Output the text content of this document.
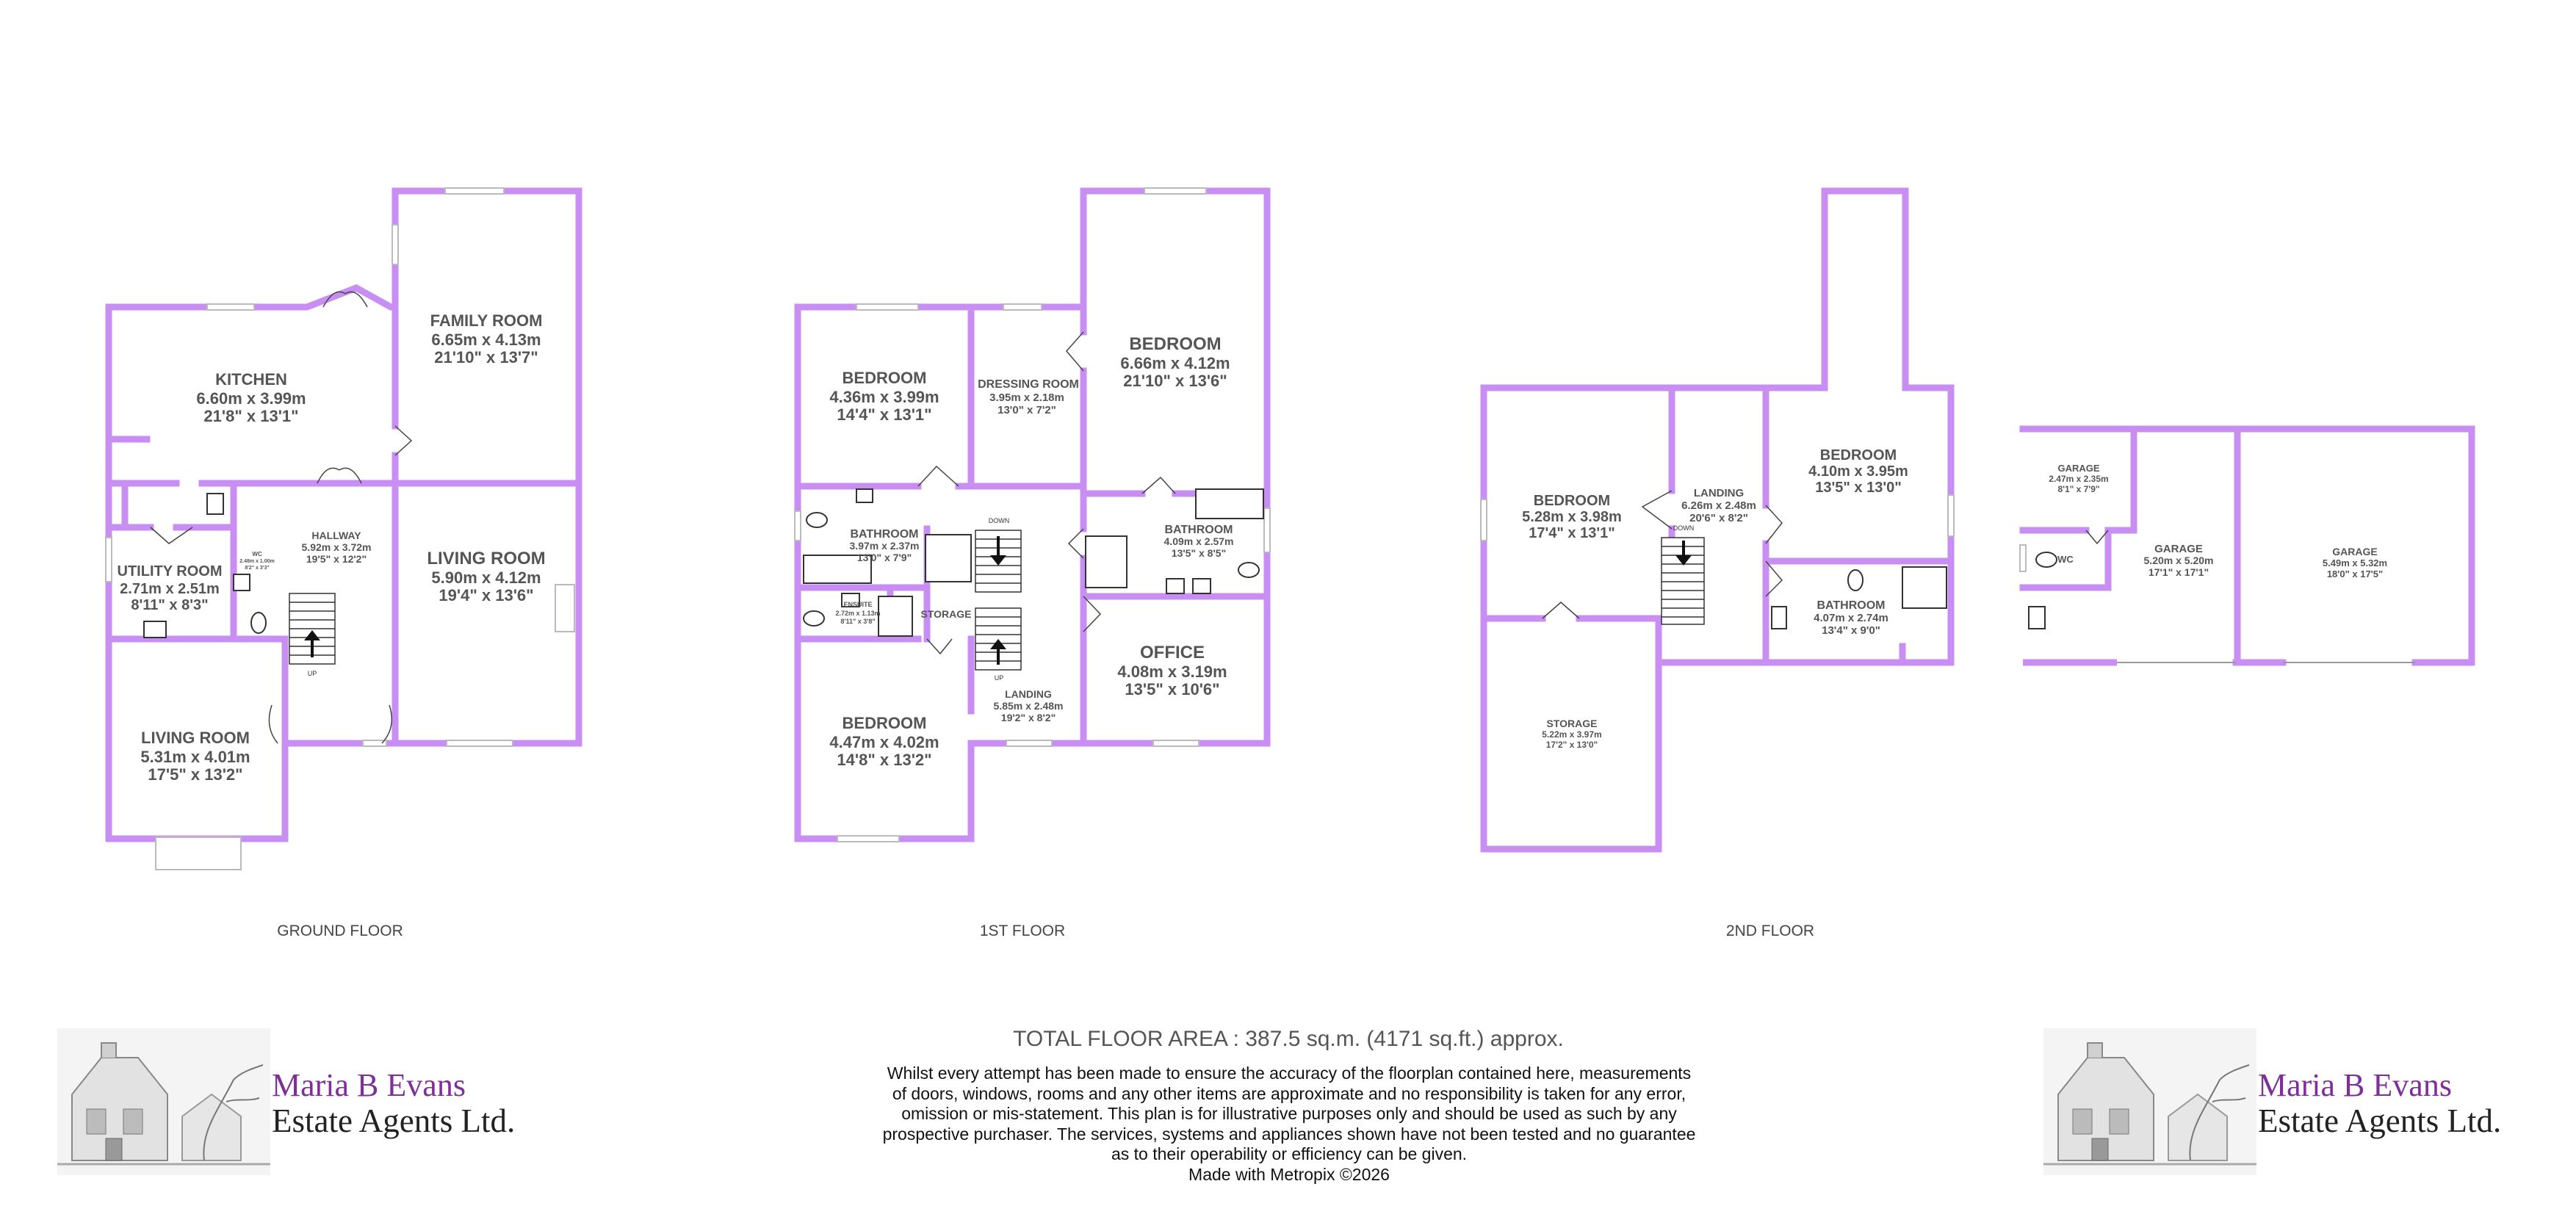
UP
KITCHEN
6.60m x 3.99m
21'8" x 13'1"
FAMILY ROOM
6.65m x 4.13m
21'10" x 13'7"
HALLWAY
5.92m x 3.72m
19'5" x 12'2"
WC
2.48m x 1.00m
8'2" x 3'3"
UTILITY ROOM
2.71m x 2.51m
8'11" x 8'3"
LIVING ROOM
5.90m x 4.12m
19'4" x 13'6"
LIVING ROOM
5.31m x 4.01m
17'5" x 13'2"
GROUND FLOOR
DOWN
UP
BEDROOM
4.36m x 3.99m
14'4" x 13'1"
DRESSING ROOM
3.95m x 2.18m
13'0" x 7'2"
BEDROOM
6.66m x 4.12m
21'10" x 13'6"
BATHROOM
3.97m x 2.37m
13'0" x 7'9"
BATHROOM
4.09m x 2.57m
13'5" x 8'5"
ENSUITE
2.72m x 1.13m
8'11" x 3'8"
STORAGE
LANDING
5.85m x 2.48m
19'2" x 8'2"
OFFICE
4.08m x 3.19m
13'5" x 10'6"
BEDROOM
4.47m x 4.02m
14'8" x 13'2"
1ST FLOOR
DOWN
BEDROOM
5.28m x 3.98m
17'4" x 13'1"
LANDING
6.26m x 2.48m
20'6" x 8'2"
BEDROOM
4.10m x 3.95m
13'5" x 13'0"
BATHROOM
4.07m x 2.74m
13'4" x 9'0"
STORAGE
5.22m x 3.97m
17'2" x 13'0"
2ND FLOOR
GARAGE
2.47m x 2.35m
8'1" x 7'9"
WC
GARAGE
5.20m x 5.20m
17'1" x 17'1"
GARAGE
5.49m x 5.32m
18'0" x 17'5"
TOTAL FLOOR AREA : 387.5 sq.m. (4171 sq.ft.) approx.
Whilst every attempt has been made to ensure the accuracy of the floorplan contained here, measurements
of doors, windows, rooms and any other items are approximate and no responsibility is taken for any error,
omission or mis-statement. This plan is for illustrative purposes only and should be used as such by any
prospective purchaser. The services, systems and appliances shown have not been tested and no guarantee
as to their operability or efficiency can be given.
Made with Metropix ©2026
Maria B Evans
Estate Agents Ltd.
Maria B Evans
Estate Agents Ltd.
